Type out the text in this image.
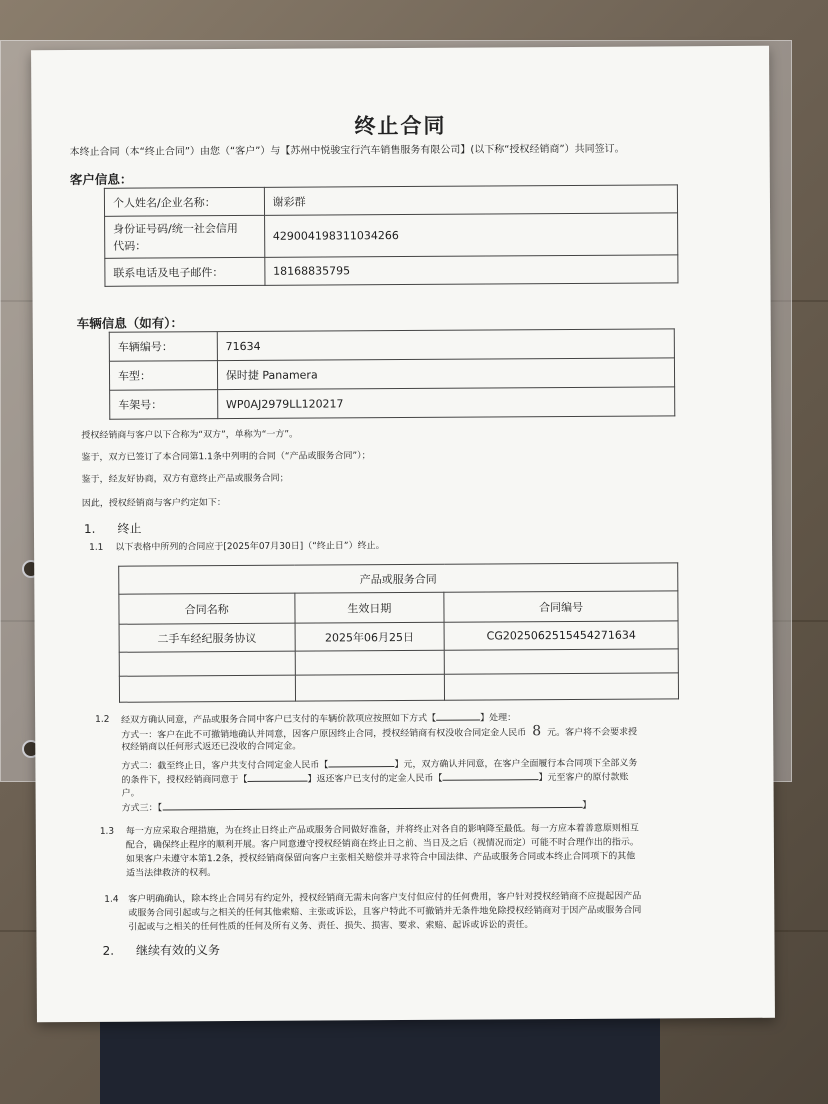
终止合同
本终止合同（本“终止合同”）由您（“客户”）与【苏州中悦骏宝行汽车销售服务有限公司】(以下称“授权经销商”）共同签订。
客户信息：
个人姓名/企业名称：	谢彩群
身份证号码/统一社会信用
代码：	429004198311034266
联系电话及电子邮件：	18168835795
车辆信息（如有）：
车辆编号：	71634
车型：	保时捷 Panamera
车架号：	WP0AJ2979LL120217
授权经销商与客户以下合称为“双方”，单称为“一方”。
鉴于，双方已签订了本合同第1.1条中列明的合同（“产品或服务合同”）；
鉴于，经友好协商，双方有意终止产品或服务合同；
因此，授权经销商与客户约定如下：
1. 终止
1.1 以下表格中所列的合同应于[2025年07月30日]（“终止日”）终止。
产品或服务合同		
合同名称	生效日期	合同编号
二手车经纪服务协议	2025年06月25日	CG20250625154542716​34

1.2 经双方确认同意，产品或服务合同中客户已支付的车辆价款项应按照如下方式【	】处理：
方式一：客户在此不可撤销地确认并同意，因客户原因终止合同，授权经销商有权没收合同定金人民币 8 元。客户将不会要求授
权经销商以任何形式返还已没收的合同定金。
方式二：截至终止日，客户共支付合同定金人民币【	】元，双方确认并同意，在客户全面履行本合同项下全部义务
的条件下，授权经销商同意于【	】返还客户已支付的定金人民币【	】元至客户的原付款账
户。
方式三：【	】
1.3 每一方应采取合理措施，为在终止日终止产品或服务合同做好准备，并将终止对各自的影响降至最低。每一方应本着善意原则相互
配合，确保终止程序的顺利开展。客户同意遵守授权经销商在终止日之前、当日及之后（视情况而定）可能不时合理作出的指示。
如果客户未遵守本第1.2条，授权经销商保留向客户主张相关赔偿并寻求符合中国法律、产品或服务合同或本终止合同项下的其他
适当法律救济的权利。
1.4 客户明确确认，除本终止合同另有约定外，授权经销商无需未向客户支付但应付的任何费用，客户针对授权经销商不应提起因产品
或服务合同引起或与之相关的任何其他索赔、主张或诉讼，且客户特此不可撤销并无条件地免除授权经销商对于因产品或服务合同
引起或与之相关的任何性质的任何及所有义务、责任、损失、损害、要求、索赔、起诉或诉讼的责任。
2. 继续有效的义务
